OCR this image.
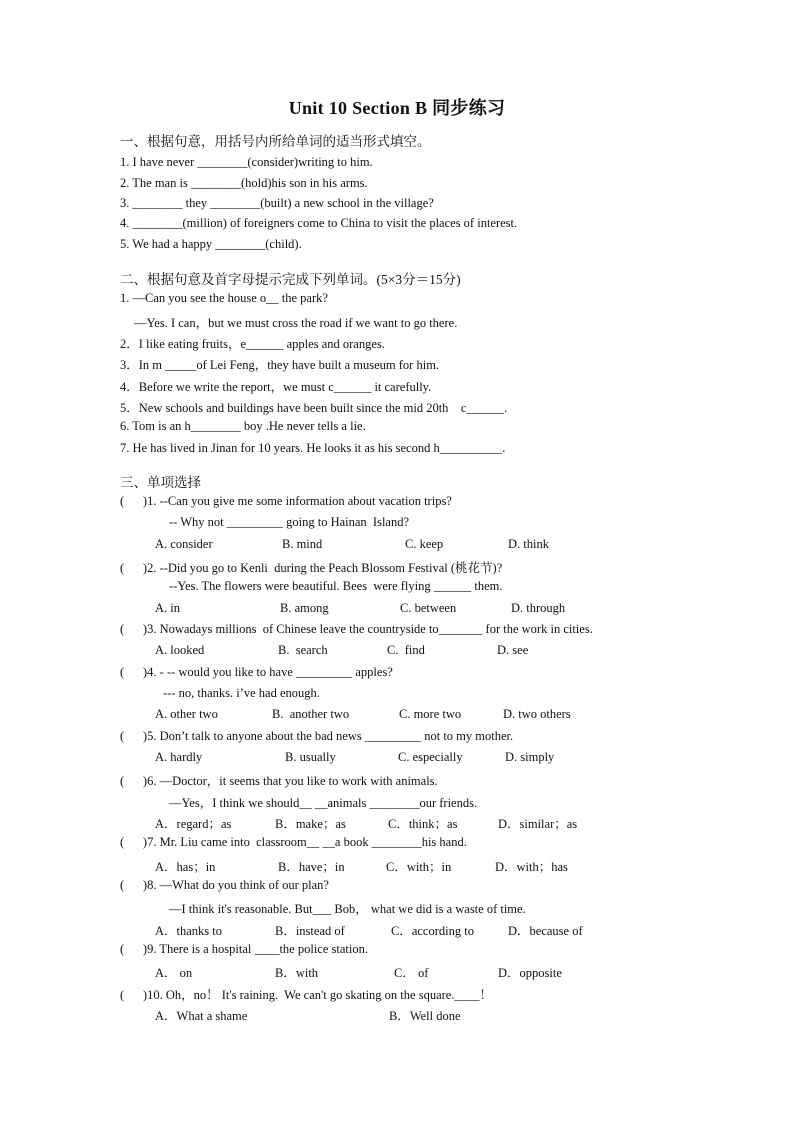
Unit 10 Section B 同步练习
一、根据句意，用括号内所给单词的适当形式填空。
1. I have never ________(consider)writing to him.
2. The man is ________(hold)his son in his arms.
3. ________ they ________(built) a new school in the village?
4. ________(million) of foreigners come to China to visit the places of interest.
5. We had a happy ________(child).
二、根据句意及首字母提示完成下列单词。(5×3分＝15分)
1. —Can you see the house o__ the park?
—Yes. I can，but we must cross the road if we want to go there.
2．I like eating fruits，e______ apples and oranges.
3．In m _____of Lei Feng，they have built a museum for him.
4．Before we write the report，we must c______ it carefully.
5．New schools and buildings have been built since the mid 20th    c______.
6. Tom is an h________ boy .He never tells a lie.
7. He has lived in Jinan for 10 years. He looks it as his second h__________.
三、单项选择
(      )1. --Can you give me some information about vacation trips?
-- Why not _________ going to Hainan  Island?
A. consider	B. mind	C. keep	D. think
(      )2. --Did you go to Kenli  during the Peach Blossom Festival (桃花节)?
--Yes. The flowers were beautiful. Bees  were flying ______ them.
A. in	B. among	C. between	D. through
(      )3. Nowadays millions  of Chinese leave the countryside to_______ for the work in cities.
A. looked	B.  search	C.  find	D. see
(      )4. - -- would you like to have _________ apples?
--- no, thanks. i’ve had enough.
A. other two	B.  another two	C. more two	D. two others
(      )5. Don’t talk to anyone about the bad news _________ not to my mother.
A. hardly	B. usually	C. especially	D. simply
(      )6. —Doctor，it seems that you like to work with animals.
—Yes，I think we should__ __animals ________our friends.
A．regard；as	B．make；as	C．think；as	D．similar；as
(      )7. Mr. Liu came into  classroom__ __a book ________his hand.
A．has；in	B．have；in	C．with；in	D．with；has
(      )8. —What do you think of our plan?
—I think it's reasonable. But___ Bob， what we did is a waste of time.
A．thanks to	B．instead of	C．according to	D．because of
(      )9. There is a hospital ____the police station.
A． on	B．with	C． of	D．opposite
(      )10. Oh，no！ It's raining.  We can't go skating on the square.____！
A．What a shame	B．Well done
